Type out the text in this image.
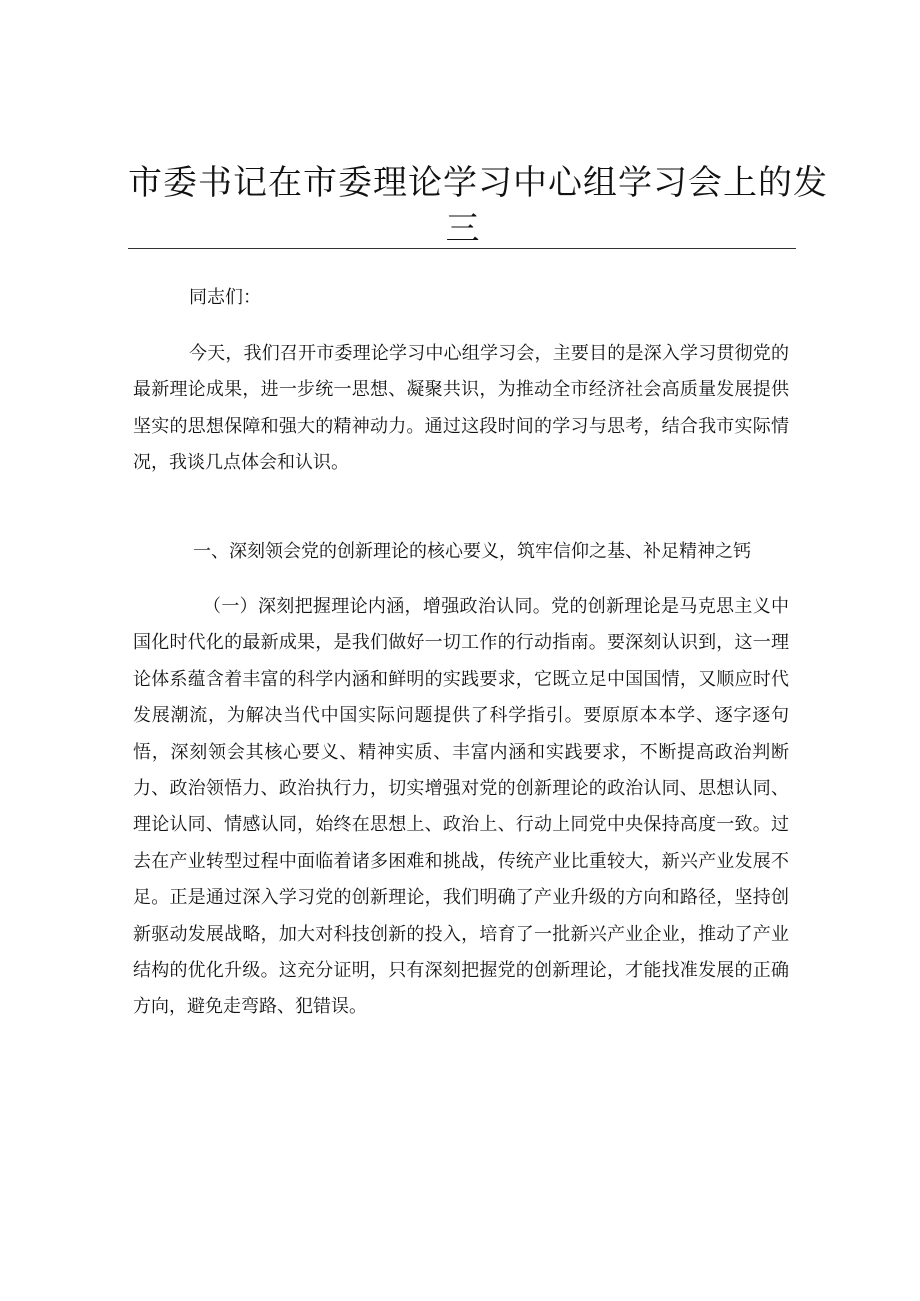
市委书记在市委理论学习中心组学习会上的发
三
同志们：
今天，我们召开市委理论学习中心组学习会，主要目的是深入学习贯彻党的最新理论成果，进一步统一思想、凝聚共识，为推动全市经济社会高质量发展提供坚实的思想保障和强大的精神动力。通过这段时间的学习与思考，结合我市实际情况，我谈几点体会和认识。
一、深刻领会党的创新理论的核心要义，筑牢信仰之基、补足精神之钙
（一）深刻把握理论内涵，增强政治认同。党的创新理论是马克思主义中国化时代化的最新成果，是我们做好一切工作的行动指南。要深刻认识到，这一理论体系蕴含着丰富的科学内涵和鲜明的实践要求，它既立足中国国情，又顺应时代发展潮流，为解决当代中国实际问题提供了科学指引。要原原本本学、逐字逐句悟，深刻领会其核心要义、精神实质、丰富内涵和实践要求，不断提高政治判断力、政治领悟力、政治执行力，切实增强对党的创新理论的政治认同、思想认同、理论认同、情感认同，始终在思想上、政治上、行动上同党中央保持高度一致。过去在产业转型过程中面临着诸多困难和挑战，传统产业比重较大，新兴产业发展不足。正是通过深入学习党的创新理论，我们明确了产业升级的方向和路径，坚持创新驱动发展战略，加大对科技创新的投入，培育了一批新兴产业企业，推动了产业结构的优化升级。这充分证明，只有深刻把握党的创新理论，才能找准发展的正确方向，避免走弯路、犯错误。
